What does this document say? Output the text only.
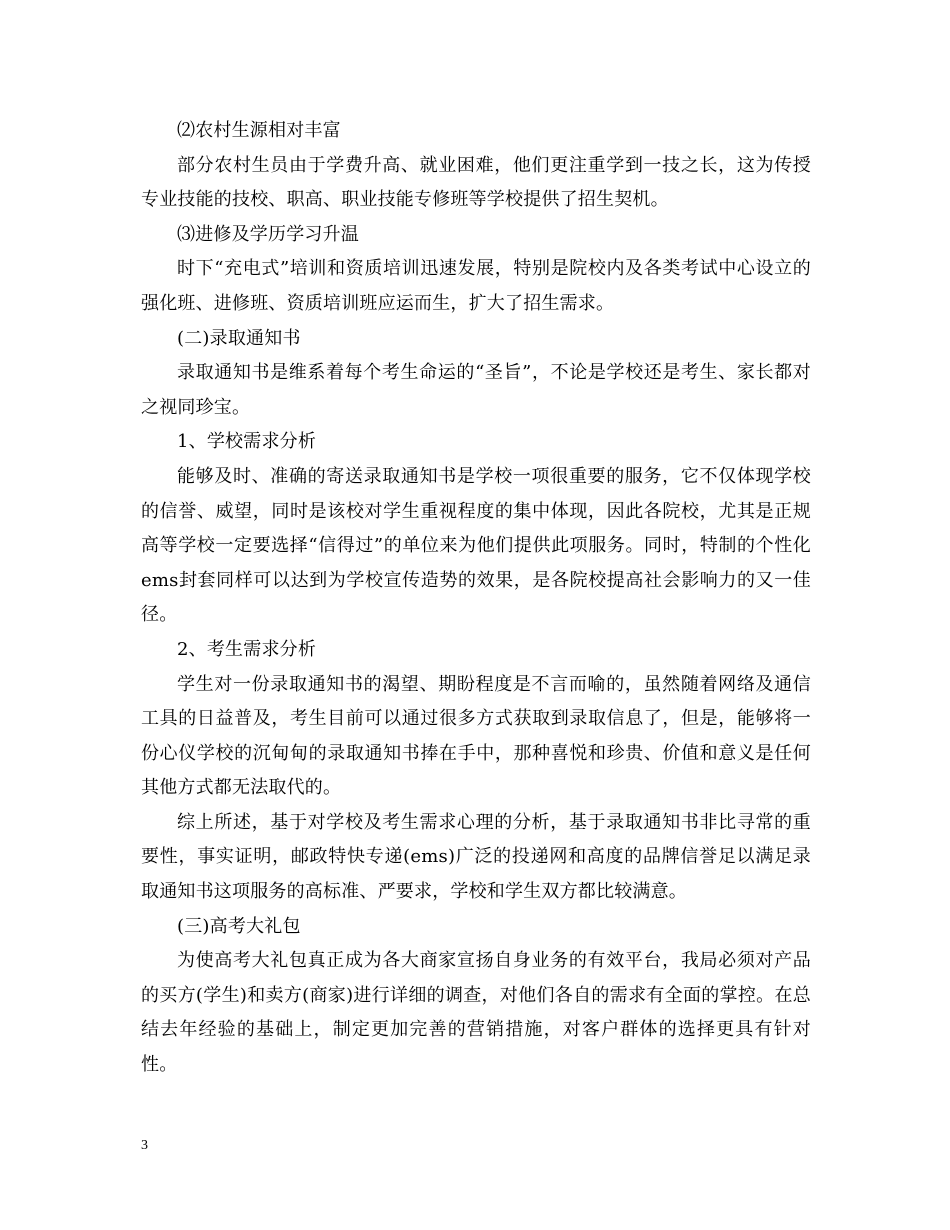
⑵农村生源相对丰富

部分农村生员由于学费升高、就业困难，他们更注重学到一技之长，这为传授专业技能的技校、职高、职业技能专修班等学校提供了招生契机。

⑶进修及学历学习升温

时下“充电式”培训和资质培训迅速发展，特别是院校内及各类考试中心设立的强化班、进修班、资质培训班应运而生，扩大了招生需求。

(二)录取通知书

录取通知书是维系着每个考生命运的“圣旨”，不论是学校还是考生、家长都对之视同珍宝。

1、学校需求分析

能够及时、准确的寄送录取通知书是学校一项很重要的服务，它不仅体现学校的信誉、威望，同时是该校对学生重视程度的集中体现，因此各院校，尤其是正规高等学校一定要选择“信得过”的单位来为他们提供此项服务。同时，特制的个性化ems封套同样可以达到为学校宣传造势的效果，是各院校提高社会影响力的又一佳径。

2、考生需求分析

学生对一份录取通知书的渴望、期盼程度是不言而喻的，虽然随着网络及通信工具的日益普及，考生目前可以通过很多方式获取到录取信息了，但是，能够将一份心仪学校的沉甸甸的录取通知书捧在手中，那种喜悦和珍贵、价值和意义是任何其他方式都无法取代的。

综上所述，基于对学校及考生需求心理的分析，基于录取通知书非比寻常的重要性，事实证明，邮政特快专递(ems)广泛的投递网和高度的品牌信誉足以满足录取通知书这项服务的高标准、严要求，学校和学生双方都比较满意。

(三)高考大礼包

为使高考大礼包真正成为各大商家宣扬自身业务的有效平台，我局必须对产品的买方(学生)和卖方(商家)进行详细的调查，对他们各自的需求有全面的掌控。在总结去年经验的基础上，制定更加完善的营销措施，对客户群体的选择更具有针对性。

3
